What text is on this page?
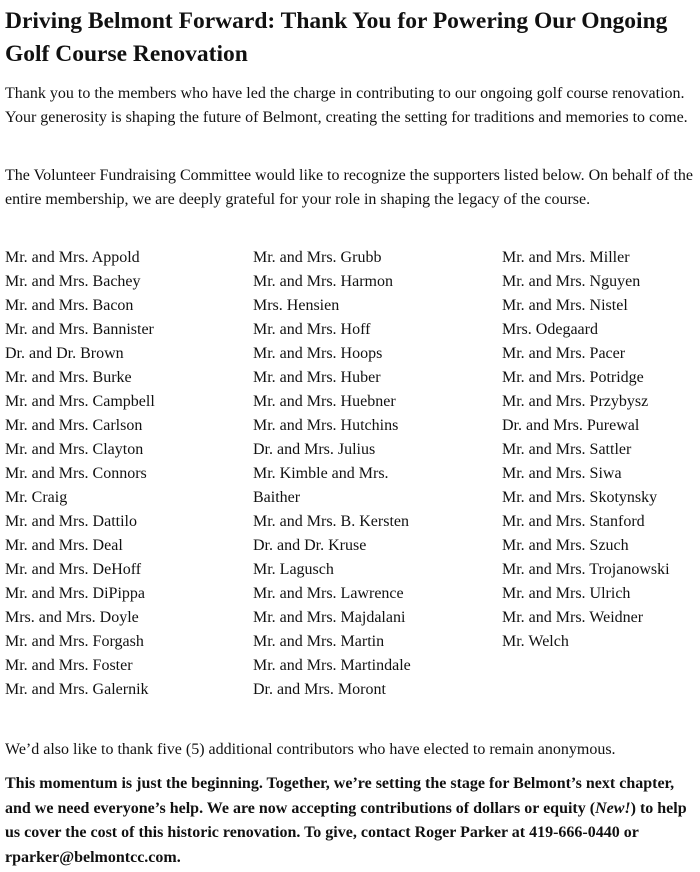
Driving Belmont Forward: Thank You for Powering Our Ongoing Golf Course Renovation

Thank you to the members who have led the charge in contributing to our ongoing golf course renovation. Your generosity is shaping the future of Belmont, creating the setting for traditions and memories to come.

The Volunteer Fundraising Committee would like to recognize the supporters listed below. On behalf of the entire membership, we are deeply grateful for your role in shaping the legacy of the course.

Mr. and Mrs. Appold
Mr. and Mrs. Bachey
Mr. and Mrs. Bacon
Mr. and Mrs. Bannister
Dr. and Dr. Brown
Mr. and Mrs. Burke
Mr. and Mrs. Campbell
Mr. and Mrs. Carlson
Mr. and Mrs. Clayton
Mr. and Mrs. Connors
Mr. Craig
Mr. and Mrs. Dattilo
Mr. and Mrs. Deal
Mr. and Mrs. DeHoff
Mr. and Mrs. DiPippa
Mrs. and Mrs. Doyle
Mr. and Mrs. Forgash
Mr. and Mrs. Foster
Mr. and Mrs. Galernik
Mr. and Mrs. Grubb
Mr. and Mrs. Harmon
Mrs. Hensien
Mr. and Mrs. Hoff
Mr. and Mrs. Hoops
Mr. and Mrs. Huber
Mr. and Mrs. Huebner
Mr. and Mrs. Hutchins
Dr. and Mrs. Julius
Mr. Kimble and Mrs.
Baither
Mr. and Mrs. B. Kersten
Dr. and Dr. Kruse
Mr. Lagusch
Mr. and Mrs. Lawrence
Mr. and Mrs. Majdalani
Mr. and Mrs. Martin
Mr. and Mrs. Martindale
Dr. and Mrs. Moront
Mr. and Mrs. Miller
Mr. and Mrs. Nguyen
Mr. and Mrs. Nistel
Mrs. Odegaard
Mr. and Mrs. Pacer
Mr. and Mrs. Potridge
Mr. and Mrs. Przybysz
Dr. and Mrs. Purewal
Mr. and Mrs. Sattler
Mr. and Mrs. Siwa
Mr. and Mrs. Skotynsky
Mr. and Mrs. Stanford
Mr. and Mrs. Szuch
Mr. and Mrs. Trojanowski
Mr. and Mrs. Ulrich
Mr. and Mrs. Weidner
Mr. Welch

We’d also like to thank five (5) additional contributors who have elected to remain anonymous.

This momentum is just the beginning. Together, we’re setting the stage for Belmont’s next chapter, and we need everyone’s help. We are now accepting contributions of dollars or equity (New!) to help us cover the cost of this historic renovation. To give, contact Roger Parker at 419-666-0440 or rparker@belmontcc.com.
